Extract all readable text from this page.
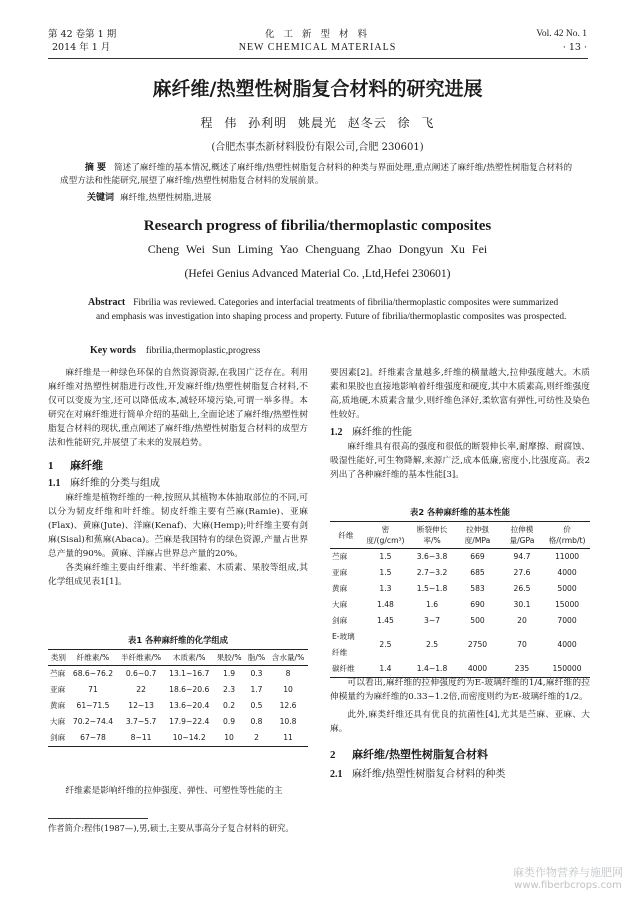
第 42 卷第 1 期
2014 年 1 月
化 工 新 型 材 料
NEW CHEMICAL MATERIALS
Vol. 42 No. 1
· 13 ·
麻纤维/热塑性树脂复合材料的研究进展
程 伟 孙利明 姚晨光 赵冬云 徐 飞
(合肥杰事杰新材料股份有限公司,合肥 230601)
摘 要 简述了麻纤维的基本情况,概述了麻纤维/热塑性树脂复合材料的种类与界面处理,重点阐述了麻纤维/热塑性树脂复合材料的成型方法和性能研究,展望了麻纤维/热塑性树脂复合材料的发展前景。
关键词 麻纤维,热塑性树脂,进展
Research progress of fibrilia/thermoplastic composites
Cheng Wei Sun Liming Yao Chenguang Zhao Dongyun Xu Fei
(Hefei Genius Advanced Material Co. ,Ltd,Hefei 230601)
Abstract Fibrilia was reviewed. Categories and interfacial treatments of fibrilia/thermoplastic composites were summarized and emphasis was investigation into shaping process and property. Future of fibrilia/thermoplastic composites was prospected.
Key words fibrilia,thermoplastic,progress

麻纤维是一种绿色环保的自然资源资源,在我国广泛存在。利用麻纤维对热塑性树脂进行改性,开发麻纤维/热塑性树脂复合材料,不仅可以变废为宝,还可以降低成本,减轻环境污染,可谓一举多得。本研究在对麻纤维进行简单介绍的基础上,全面论述了麻纤维/热塑性树脂复合材料的现状,重点阐述了麻纤维/热塑性树脂复合材料的成型方法和性能研究,并展望了未来的发展趋势。

1 麻纤维
1.1 麻纤维的分类与组成

麻纤维是植物纤维的一种,按照从其植物本体抽取部位的不同,可以分为韧皮纤维和叶纤维。韧皮纤维主要有苎麻(Ramie)、亚麻(Flax)、黄麻(Jute)、洋麻(Kenaf)、大麻(Hemp);叶纤维主要有剑麻(Sisal)和蕉麻(Abaca)。苎麻是我国特有的绿色资源,产量占世界总产量的90%。黄麻、洋麻占世界总产量的20%。

各类麻纤维主要由纤维素、半纤维素、木质素、果胶等组成,其化学组成见表1[1]。

表1 各种麻纤维的化学组成
类别	纤维素/%	半纤维素/%	木质素/%	果胶/%	脂/%	含水量/%
苎麻	68.6~76.2	0.6~0.7	13.1~16.7	1.9	0.3	8
亚麻	71	22	18.6~20.6	2.3	1.7	10
黄麻	61~71.5	12~13	13.6~20.4	0.2	0.5	12.6
大麻	70.2~74.4	3.7~5.7	17.9~22.4	0.9	0.8	10.8
剑麻	67~78	8~11	10~14.2	10	2	11

纤维素是影响纤维的拉伸强度、弹性、可塑性等性能的主

作者简介:程伟(1987—),男,硕士,主要从事高分子复合材料的研究。

要因素[2]。纤维素含量越多,纤维的横量越大,拉伸强度越大。木质素和果胶也直接地影响着纤维强度和硬度,其中木质素高,则纤维强度高,质地硬,木质素含量少,则纤维色泽好,柔软富有弹性,可纺性及染色性较好。

1.2 麻纤维的性能

麻纤维具有很高的强度和很低的断裂伸长率,耐摩擦、耐腐蚀、吸湿性能好,可生物降解,来源广泛,成本低廉,密度小,比强度高。表2列出了各种麻纤维的基本性能[3]。

表2 各种麻纤维的基本性能
纤维	密度/(g/cm³)	断裂伸长率/%	拉伸强度/MPa	拉伸模量/GPa	价格/(rmb/t)
苎麻	1.5	3.6~3.8	669	94.7	11000
亚麻	1.5	2.7~3.2	685	27.6	4000
黄麻	1.3	1.5~1.8	583	26.5	5000
大麻	1.48	1.6	690	30.1	15000
剑麻	1.45	3~7	500	20	7000
E-玻璃纤维	2.5	2.5	2750	70	4000
碳纤维	1.4	1.4~1.8	4000	235	150000

可以看出,麻纤维的拉伸强度约为E-玻璃纤维的1/4,麻纤维的拉伸模量约为麻纤维的0.33~1.2倍,而密度则约为E-玻璃纤维的1/2。

此外,麻类纤维还具有优良的抗菌性[4],尤其是苎麻、亚麻、大麻。

2 麻纤维/热塑性树脂复合材料
2.1 麻纤维/热塑性树脂复合材料的种类
麻类作物营养与施肥网
www.fiberbcrops.com
